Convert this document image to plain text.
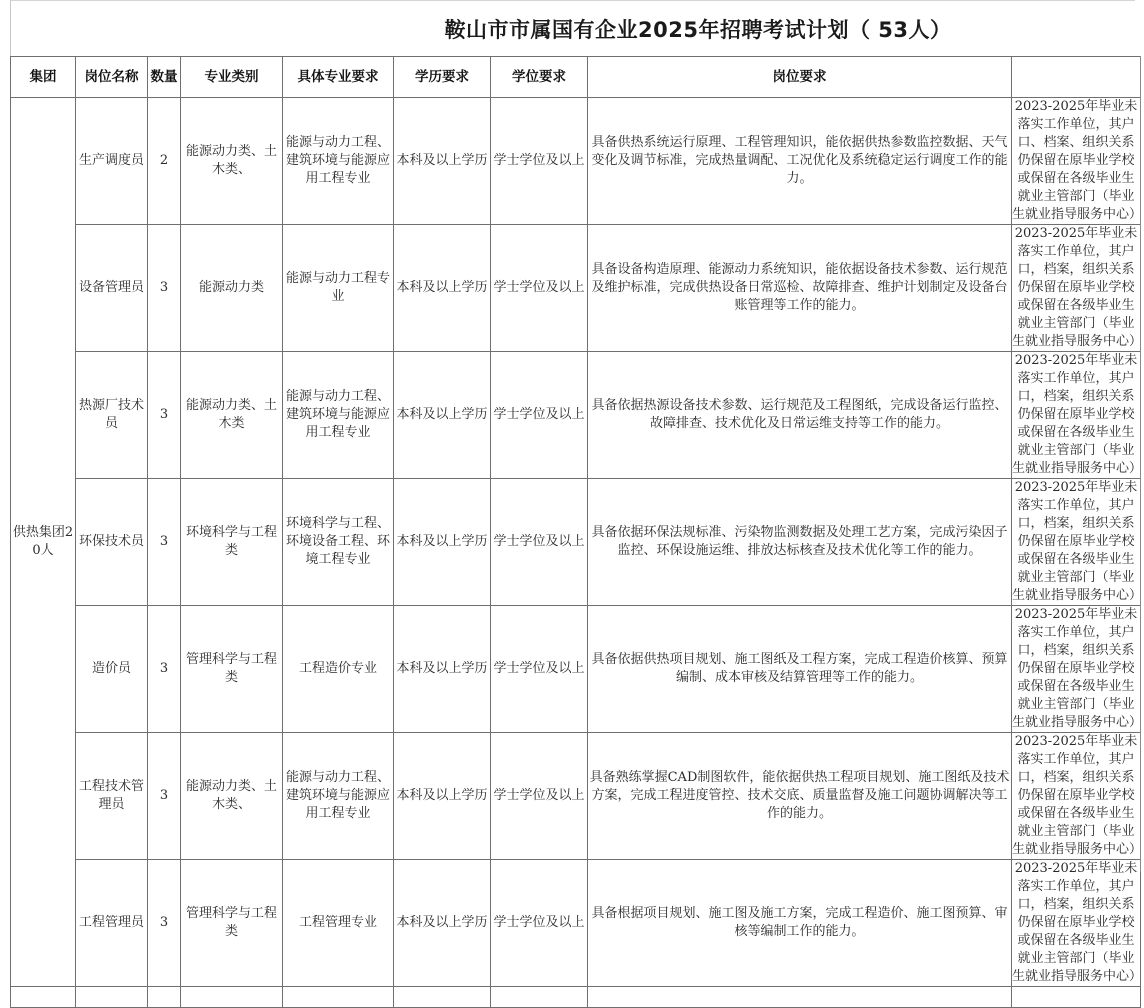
鞍山市市属国有企业2025年招聘考试计划（ 53人）
集团	岗位名称	数量	专业类别	具体专业要求	学历要求	学位要求	岗位要求	
供热集团20人	生产调度员	2	能源动力类、土木类、	能源与动力工程、建筑环境与能源应用工程专业	本科及以上学历	学士学位及以上	具备供热系统运行原理、工程管理知识，能依据供热参数监控数据、天气变化及调节标准，完成热量调配、工况优化及系统稳定运行调度工作的能力。	2023-2025年毕业未落实工作单位，其户口、档案、组织关系仍保留在原毕业学校或保留在各级毕业生就业主管部门（毕业生就业指导服务中心）
	设备管理员	3	能源动力类	能源与动力工程专业	本科及以上学历	学士学位及以上	具备设备构造原理、能源动力系统知识，能依据设备技术参数、运行规范及维护标准，完成供热设备日常巡检、故障排查、维护计划制定及设备台账管理等工作的能力。	2023-2025年毕业未落实工作单位，其户口，档案，组织关系仍保留在原毕业学校或保留在各级毕业生就业主管部门（毕业生就业指导服务中心）
	热源厂技术员	3	能源动力类、土木类	能源与动力工程、建筑环境与能源应用工程专业	本科及以上学历	学士学位及以上	具备依据热源设备技术参数、运行规范及工程图纸，完成设备运行监控、故障排查、技术优化及日常运维支持等工作的能力。	2023-2025年毕业未落实工作单位，其户口，档案，组织关系仍保留在原毕业学校或保留在各级毕业生就业主管部门（毕业生就业指导服务中心）
	环保技术员	3	环境科学与工程类	环境科学与工程、环境设备工程、环境工程专业	本科及以上学历	学士学位及以上	具备依据环保法规标准、污染物监测数据及处理工艺方案，完成污染因子监控、环保设施运维、排放达标核查及技术优化等工作的能力。	2023-2025年毕业未落实工作单位，其户口，档案，组织关系仍保留在原毕业学校或保留在各级毕业生就业主管部门（毕业生就业指导服务中心）
	造价员	3	管理科学与工程类	工程造价专业	本科及以上学历	学士学位及以上	具备依据供热项目规划、施工图纸及工程方案，完成工程造价核算、预算编制、成本审核及结算管理等工作的能力。	2023-2025年毕业未落实工作单位，其户口，档案，组织关系仍保留在原毕业学校或保留在各级毕业生就业主管部门（毕业生就业指导服务中心）
	工程技术管理员	3	能源动力类、土木类、	能源与动力工程、建筑环境与能源应用工程专业	本科及以上学历	学士学位及以上	具备熟练掌握CAD制图软件，能依据供热工程项目规划、施工图纸及技术方案，完成工程进度管控、技术交底、质量监督及施工问题协调解决等工作的能力。	2023-2025年毕业未落实工作单位，其户口，档案，组织关系仍保留在原毕业学校或保留在各级毕业生就业主管部门（毕业生就业指导服务中心）
	工程管理员	3	管理科学与工程类	工程管理专业	本科及以上学历	学士学位及以上	具备根据项目规划、施工图及施工方案，完成工程造价、施工图预算、审核等编制工作的能力。	2023-2025年毕业未落实工作单位，其户口，档案，组织关系仍保留在原毕业学校或保留在各级毕业生就业主管部门（毕业生就业指导服务中心）
